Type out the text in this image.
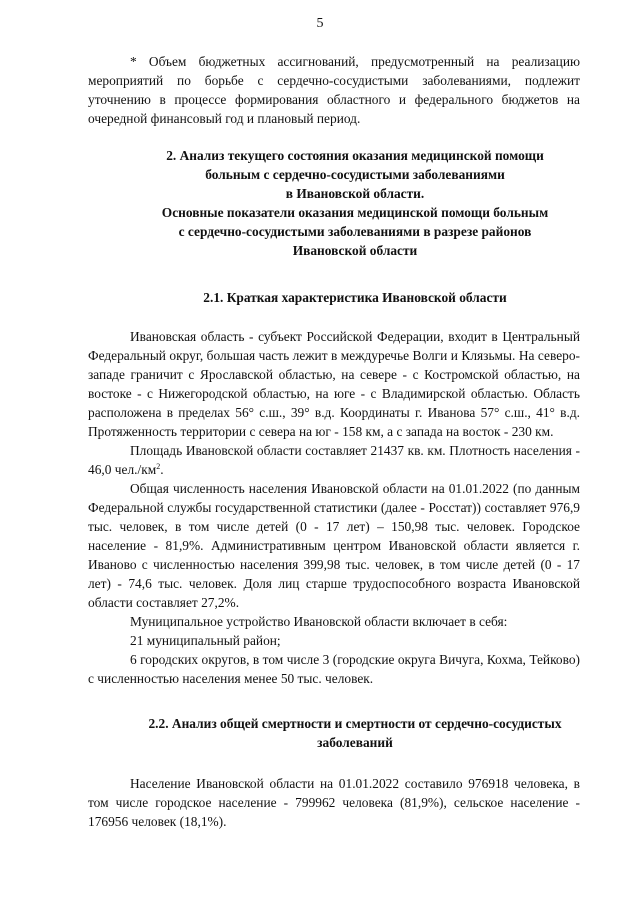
5

* Объем бюджетных ассигнований, предусмотренный на реализацию мероприятий по борьбе с сердечно-сосудистыми заболеваниями, подлежит уточнению в процессе формирования областного и федерального бюджетов на очередной финансовый год и плановый период.

2. Анализ текущего состояния оказания медицинской помощи

больным с сердечно-сосудистыми заболеваниями

в Ивановской области.

Основные показатели оказания медицинской помощи больным

с сердечно-сосудистыми заболеваниями в разрезе районов

Ивановской области

2.1. Краткая характеристика Ивановской области

Ивановская область - субъект Российской Федерации, входит в Центральный Федеральный округ, большая часть лежит в междуречье Волги и Клязьмы. На северо-западе граничит с Ярославской областью, на севере - с Костромской областью, на востоке - с Нижегородской областью, на юге - с Владимирской областью. Область расположена в пределах 56° с.ш., 39° в.д. Координаты г. Иванова 57° с.ш., 41° в.д. Протяженность территории с севера на юг - 158 км, а с запада на восток - 230 км.

Площадь Ивановской области составляет 21437 кв. км. Плотность населения - 46,0 $чел./км^2$.

Общая численность населения Ивановской области на 01.01.2022 (по данным Федеральной службы государственной статистики (далее - Росстат)) составляет 976,9 тыс. человек, в том числе детей (0 - 17 лет) – 150,98 тыс. человек. Городское население - 81,9%. Административным центром Ивановской области является г. Иваново с численностью населения 399,98 тыс. человек, в том числе детей (0 - 17 лет) - 74,6 тыс. человек. Доля лиц старше трудоспособного возраста Ивановской области составляет 27,2%.

Муниципальное устройство Ивановской области включает в себя:

21 муниципальный район;

6 городских округов, в том числе 3 (городские округа Вичуга, Кохма, Тейково) с численностью населения менее 50 тыс. человек.

2.2. Анализ общей смертности и смертности от сердечно-сосудистых

заболеваний

Население Ивановской области на 01.01.2022 составило 976918 человека, в том числе городское население - 799962 человека (81,9%), сельское население - 176956 человек (18,1%).
